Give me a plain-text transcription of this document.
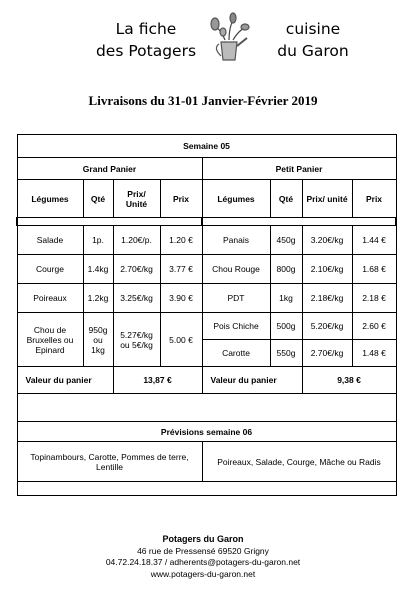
La fiche
des Potagers
cuisine
du Garon
Livraisons du 31-01 Janvier-Février 2019
Semaine 05							
Grand Panier				Petit Panier			
Légumes	Qté	Prix/ Unité	Prix	Légumes	Qté	Prix/ unité	Prix

Salade	1p.	1.20€/p.	1.20 €	Panais	450g	3.20€/kg	1.44 €
Courge	1.4kg	2.70€/kg	3.77 €	Chou Rouge	800g	2.10€/kg	1.68 €
Poireaux	1.2kg	3.25€/kg	3.90 €	PDT	1kg	2.18€/kg	2.18 €
Chou de Bruxelles ou Epinard	950g ou 1kg	5.27€/kg ou 5€/kg	5.00 €	Pois Chiche	500g	5.20€/kg	2.60 €
				Carotte	550g	2.70€/kg	1.48 €
Valeur du panier		13,87 €		Valeur du panier		9,38 €	

Prévisions semaine 06							
Topinambours, Carotte, Pommes de terre, Lentille				Poireaux, Salade, Courge, Mâche ou Radis			

Potagers du Garon
46 rue de Pressensé 69520 Grigny
04.72.24.18.37 / adherents@potagers-du-garon.net
www.potagers-du-garon.net
